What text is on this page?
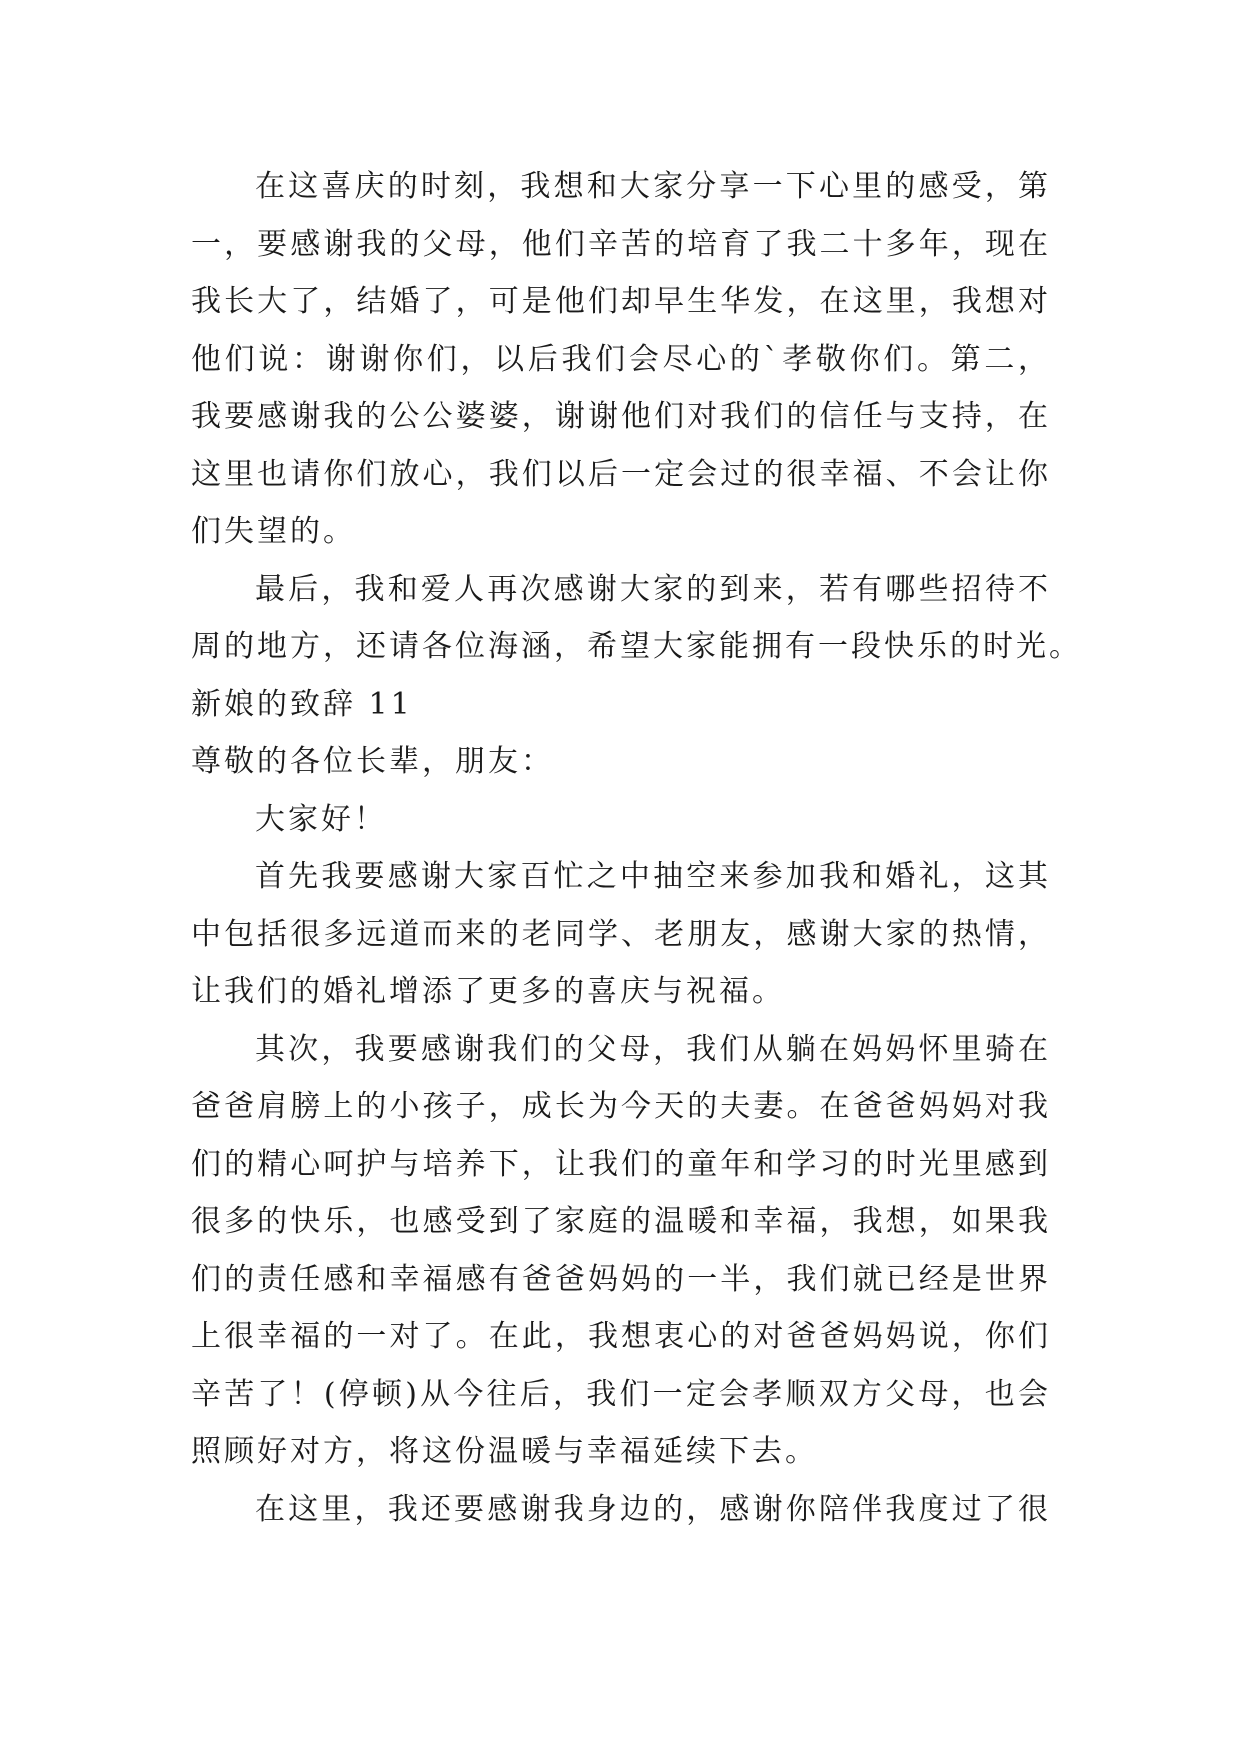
在这喜庆的时刻，我想和大家分享一下心里的感受，第
一，要感谢我的父母，他们辛苦的培育了我二十多年，现在
我长大了，结婚了，可是他们却早生华发，在这里，我想对
他们说：谢谢你们，以后我们会尽心的`孝敬你们。第二，
我要感谢我的公公婆婆，谢谢他们对我们的信任与支持，在
这里也请你们放心，我们以后一定会过的很幸福、不会让你
们失望的。
最后，我和爱人再次感谢大家的到来，若有哪些招待不
周的地方，还请各位海涵，希望大家能拥有一段快乐的时光。
新娘的致辞 11
尊敬的各位长辈，朋友：
大家好！
首先我要感谢大家百忙之中抽空来参加我和婚礼，这其
中包括很多远道而来的老同学、老朋友，感谢大家的热情，
让我们的婚礼增添了更多的喜庆与祝福。
其次，我要感谢我们的父母，我们从躺在妈妈怀里骑在
爸爸肩膀上的小孩子，成长为今天的夫妻。在爸爸妈妈对我
们的精心呵护与培养下，让我们的童年和学习的时光里感到
很多的快乐，也感受到了家庭的温暖和幸福，我想，如果我
们的责任感和幸福感有爸爸妈妈的一半，我们就已经是世界
上很幸福的一对了。在此，我想衷心的对爸爸妈妈说，你们
辛苦了！(停顿)从今往后，我们一定会孝顺双方父母，也会
照顾好对方，将这份温暖与幸福延续下去。
在这里，我还要感谢我身边的，感谢你陪伴我度过了很
